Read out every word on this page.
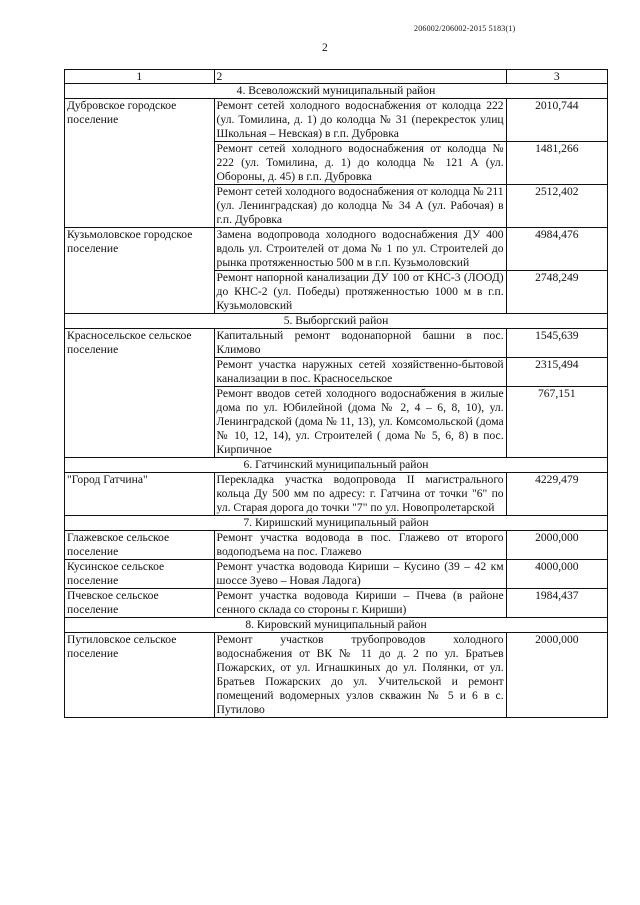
206002/206002-2015 5183(1)
2
1	2	3
4. Всеволожский муниципальный район		
Дубровское городское поселение	Ремонт сетей холодного водоснабжения от колодца 222 (ул. Томилина, д. 1) до колодца № 31 (перекресток улиц Школьная – Невская) в г.п. Дубровка	2010,744
	Ремонт сетей холодного водоснабжения от колодца № 222 (ул. Томилина, д. 1) до колодца № 121 А (ул. Обороны, д. 45) в г.п. Дубровка	1481,266
	Ремонт сетей холодного водоснабжения от колодца № 211 (ул. Ленинградская) до колодца № 34 А (ул. Рабочая) в г.п. Дубровка	2512,402
Кузьмоловское городское поселение	Замена водопровода холодного водоснабжения ДУ 400 вдоль ул. Строителей от дома № 1 по ул. Строителей до рынка протяженностью 500 м в г.п. Кузьмоловский	4984,476
	Ремонт напорной канализации ДУ 100 от КНС-3 (ЛООД) до КНС-2 (ул. Победы) протяженностью 1000 м в г.п. Кузьмоловский	2748,249
5. Выборгский район		
Красносельское сельское поселение	Капитальный ремонт водонапорной башни в пос. Климово	1545,639
	Ремонт участка наружных сетей хозяйственно-бытовой канализации в пос. Красносельское	2315,494
	Ремонт вводов сетей холодного водоснабжения в жилые дома по ул. Юбилейной (дома № 2, 4 – 6, 8, 10), ул. Ленинградской (дома № 11, 13), ул. Комсомольской (дома № 10, 12, 14), ул. Строителей ( дома № 5, 6, 8) в пос. Кирпичное	767,151
6. Гатчинский муниципальный район		
"Город Гатчина"	Перекладка участка водопровода II магистрального кольца Ду 500 мм по адресу: г. Гатчина от точки "6" по ул. Старая дорога до точки "7" по ул. Новопролетарской	4229,479
7. Киришский муниципальный район		
Глажевское сельское поселение	Ремонт участка водовода в пос. Глажево от второго водоподъема на пос. Глажево	2000,000
Кусинское сельское поселение	Ремонт участка водовода Кириши – Кусино (39 – 42 км шоссе Зуево – Новая Ладога)	4000,000
Пчевское сельское поселение	Ремонт участка водовода Кириши – Пчева (в районе сенного склада со стороны г. Кириши)	1984,437
8. Кировский муниципальный район		
Путиловское сельское поселение	Ремонт участков трубопроводов холодного водоснабжения от ВК № 11 до д. 2 по ул. Братьев Пожарских, от ул. Игнашкиных до ул. Полянки, от ул. Братьев Пожарских до ул. Учительской и ремонт помещений водомерных узлов скважин № 5 и 6 в с. Путилово	2000,000
